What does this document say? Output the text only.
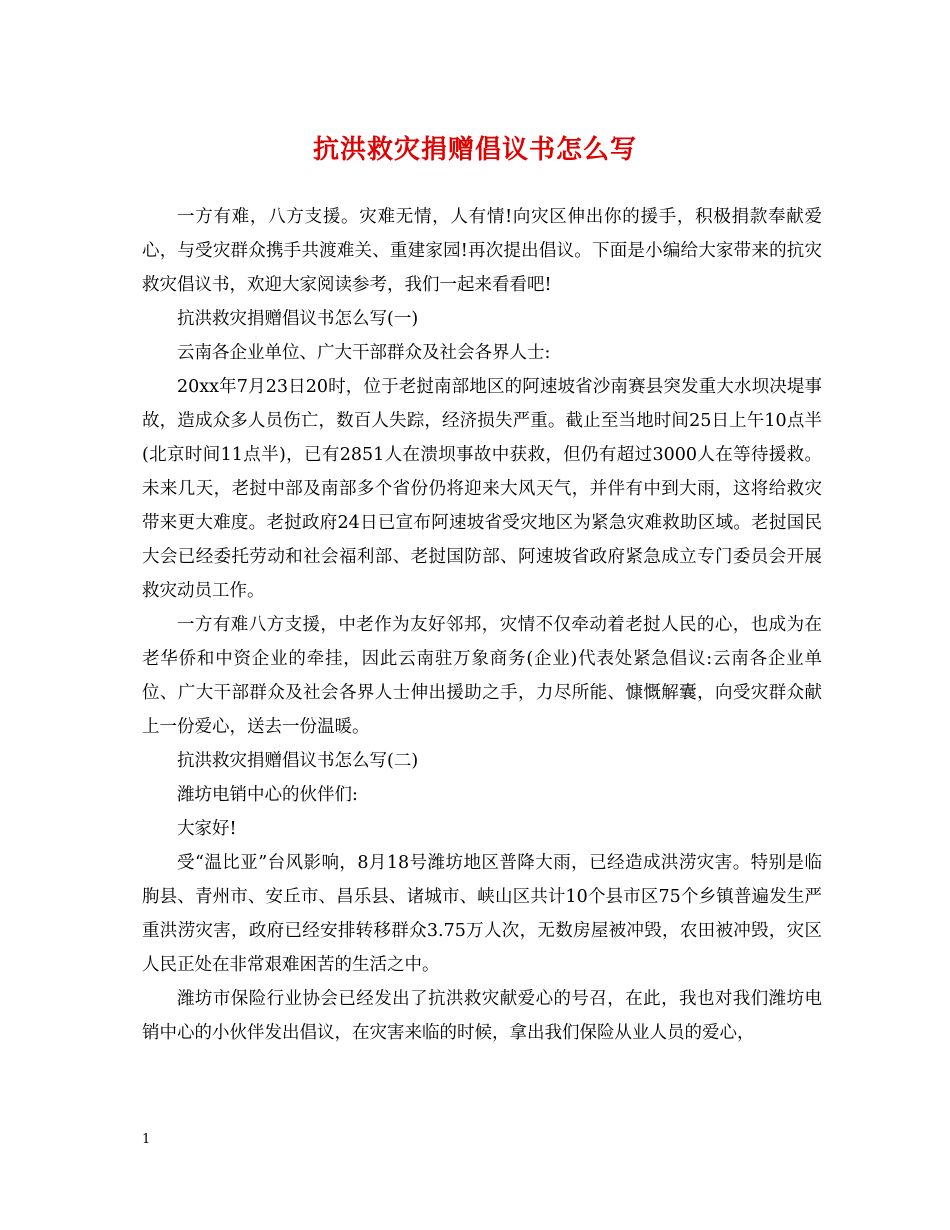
抗洪救灾捐赠倡议书怎么写

一方有难，八方支援。灾难无情，人有情!向灾区伸出你的援手，积极捐款奉献爱心，与受灾群众携手共渡难关、重建家园!再次提出倡议。下面是小编给大家带来的抗灾救灾倡议书，欢迎大家阅读参考，我们一起来看看吧!

抗洪救灾捐赠倡议书怎么写(一)

云南各企业单位、广大干部群众及社会各界人士:

20xx年7月23日20时，位于老挝南部地区的阿速坡省沙南赛县突发重大水坝决堤事故，造成众多人员伤亡，数百人失踪，经济损失严重。截止至当地时间25日上午10点半(北京时间11点半)，已有2851人在溃坝事故中获救，但仍有超过3000人在等待援救。未来几天，老挝中部及南部多个省份仍将迎来大风天气，并伴有中到大雨，这将给救灾带来更大难度。老挝政府24日已宣布阿速坡省受灾地区为紧急灾难救助区域。老挝国民大会已经委托劳动和社会福利部、老挝国防部、阿速坡省政府紧急成立专门委员会开展救灾动员工作。

一方有难八方支援，中老作为友好邻邦，灾情不仅牵动着老挝人民的心，也成为在老华侨和中资企业的牵挂，因此云南驻万象商务(企业)代表处紧急倡议:云南各企业单位、广大干部群众及社会各界人士伸出援助之手，力尽所能、慷慨解囊，向受灾群众献上一份爱心，送去一份温暖。

抗洪救灾捐赠倡议书怎么写(二)

潍坊电销中心的伙伴们:

大家好!

受“温比亚”台风影响，8月18号潍坊地区普降大雨，已经造成洪涝灾害。特别是临朐县、青州市、安丘市、昌乐县、诸城市、峡山区共计10个县市区75个乡镇普遍发生严重洪涝灾害，政府已经安排转移群众3.75万人次，无数房屋被冲毁，农田被冲毁，灾区人民正处在非常艰难困苦的生活之中。

潍坊市保险行业协会已经发出了抗洪救灾献爱心的号召，在此，我也对我们潍坊电销中心的小伙伴发出倡议，在灾害来临的时候，拿出我们保险从业人员的爱心，

1
